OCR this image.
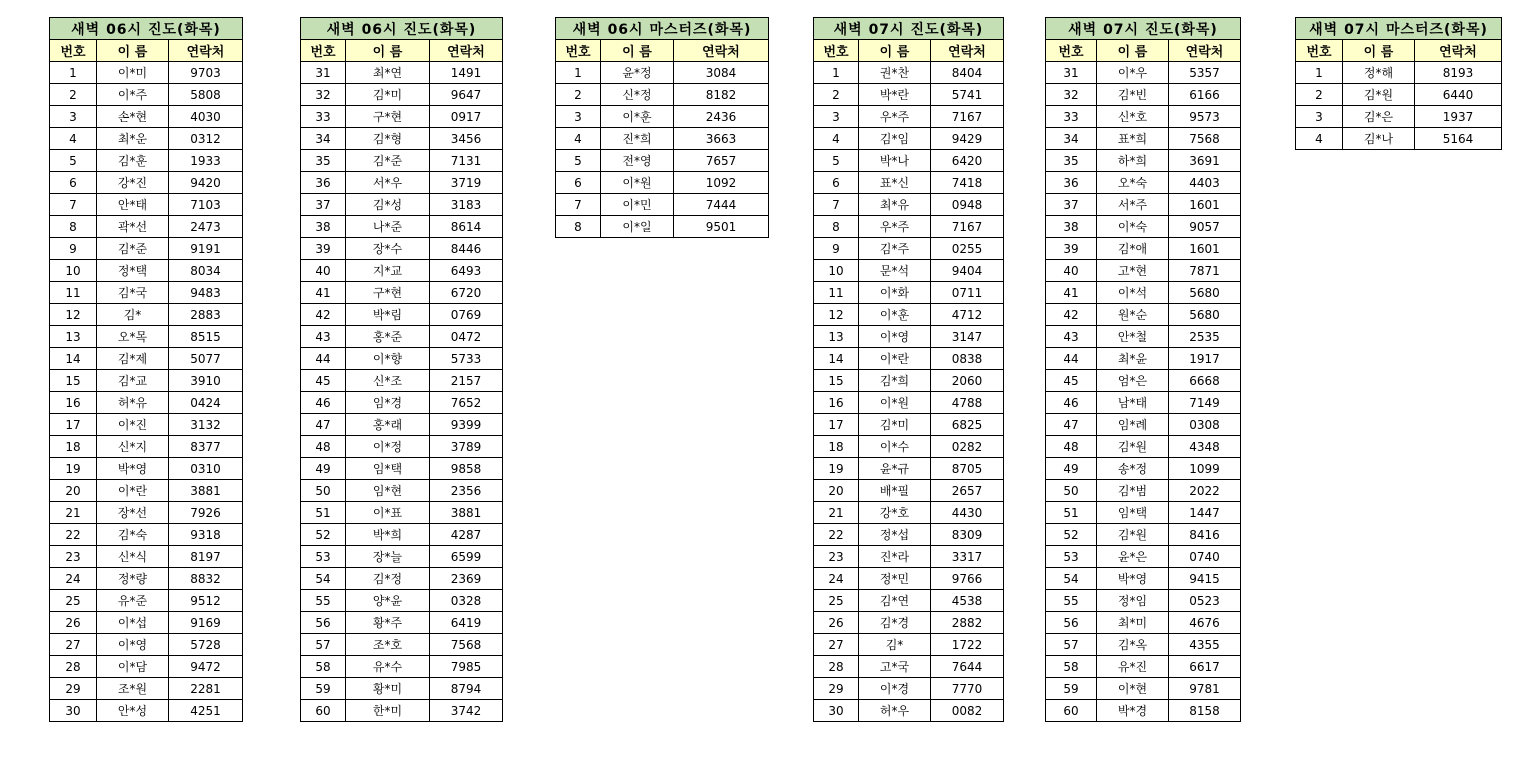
새벽 06시 진도(화목)		
번호	이 름	연락처
1	이*미	9703
2	이*주	5808
3	손*현	4030
4	최*운	0312
5	김*훈	1933
6	강*진	9420
7	안*태	7103
8	곽*선	2473
9	김*준	9191
10	정*택	8034
11	김*국	9483
12	김*	2883
13	오*목	8515
14	김*제	5077
15	김*교	3910
16	허*유	0424
17	이*진	3132
18	신*지	8377
19	박*영	0310
20	이*란	3881
21	장*선	7926
22	김*숙	9318
23	신*식	8197
24	정*량	8832
25	유*준	9512
26	이*섭	9169
27	이*영	5728
28	이*담	9472
29	조*원	2281
30	안*성	4251
새벽 06시 진도(화목)		
번호	이 름	연락처
31	최*연	1491
32	김*미	9647
33	구*현	0917
34	김*형	3456
35	김*준	7131
36	서*우	3719
37	김*성	3183
38	나*준	8614
39	장*수	8446
40	지*교	6493
41	구*현	6720
42	박*림	0769
43	홍*준	0472
44	이*향	5733
45	신*조	2157
46	임*경	7652
47	홍*래	9399
48	이*정	3789
49	임*택	9858
50	임*현	2356
51	이*표	3881
52	박*희	4287
53	장*늘	6599
54	김*정	2369
55	양*윤	0328
56	황*주	6419
57	조*호	7568
58	유*수	7985
59	황*미	8794
60	한*미	3742
새벽 06시 마스터즈(화목)		
번호	이 름	연락처
1	윤*정	3084
2	신*정	8182
3	이*훈	2436
4	진*희	3663
5	전*영	7657
6	이*원	1092
7	이*민	7444
8	이*일	9501
새벽 07시 진도(화목)		
번호	이 름	연락처
1	권*찬	8404
2	박*란	5741
3	우*주	7167
4	김*임	9429
5	박*나	6420
6	표*신	7418
7	최*유	0948
8	우*주	7167
9	김*주	0255
10	문*석	9404
11	이*화	0711
12	이*훈	4712
13	이*영	3147
14	이*란	0838
15	김*희	2060
16	이*원	4788
17	김*미	6825
18	이*수	0282
19	윤*규	8705
20	배*필	2657
21	강*호	4430
22	정*섭	8309
23	진*라	3317
24	정*민	9766
25	김*연	4538
26	김*경	2882
27	김*	1722
28	고*국	7644
29	이*경	7770
30	허*우	0082
새벽 07시 진도(화목)		
번호	이 름	연락처
31	이*우	5357
32	김*빈	6166
33	신*호	9573
34	표*희	7568
35	하*희	3691
36	오*숙	4403
37	서*주	1601
38	이*숙	9057
39	김*애	1601
40	고*현	7871
41	이*석	5680
42	원*순	5680
43	안*철	2535
44	최*윤	1917
45	엄*은	6668
46	남*태	7149
47	임*례	0308
48	김*원	4348
49	송*정	1099
50	김*범	2022
51	임*택	1447
52	김*원	8416
53	윤*은	0740
54	박*영	9415
55	정*임	0523
56	최*미	4676
57	김*옥	4355
58	유*진	6617
59	이*현	9781
60	박*경	8158
새벽 07시 마스터즈(화목)		
번호	이 름	연락처
1	정*해	8193
2	김*원	6440
3	김*은	1937
4	김*나	5164
